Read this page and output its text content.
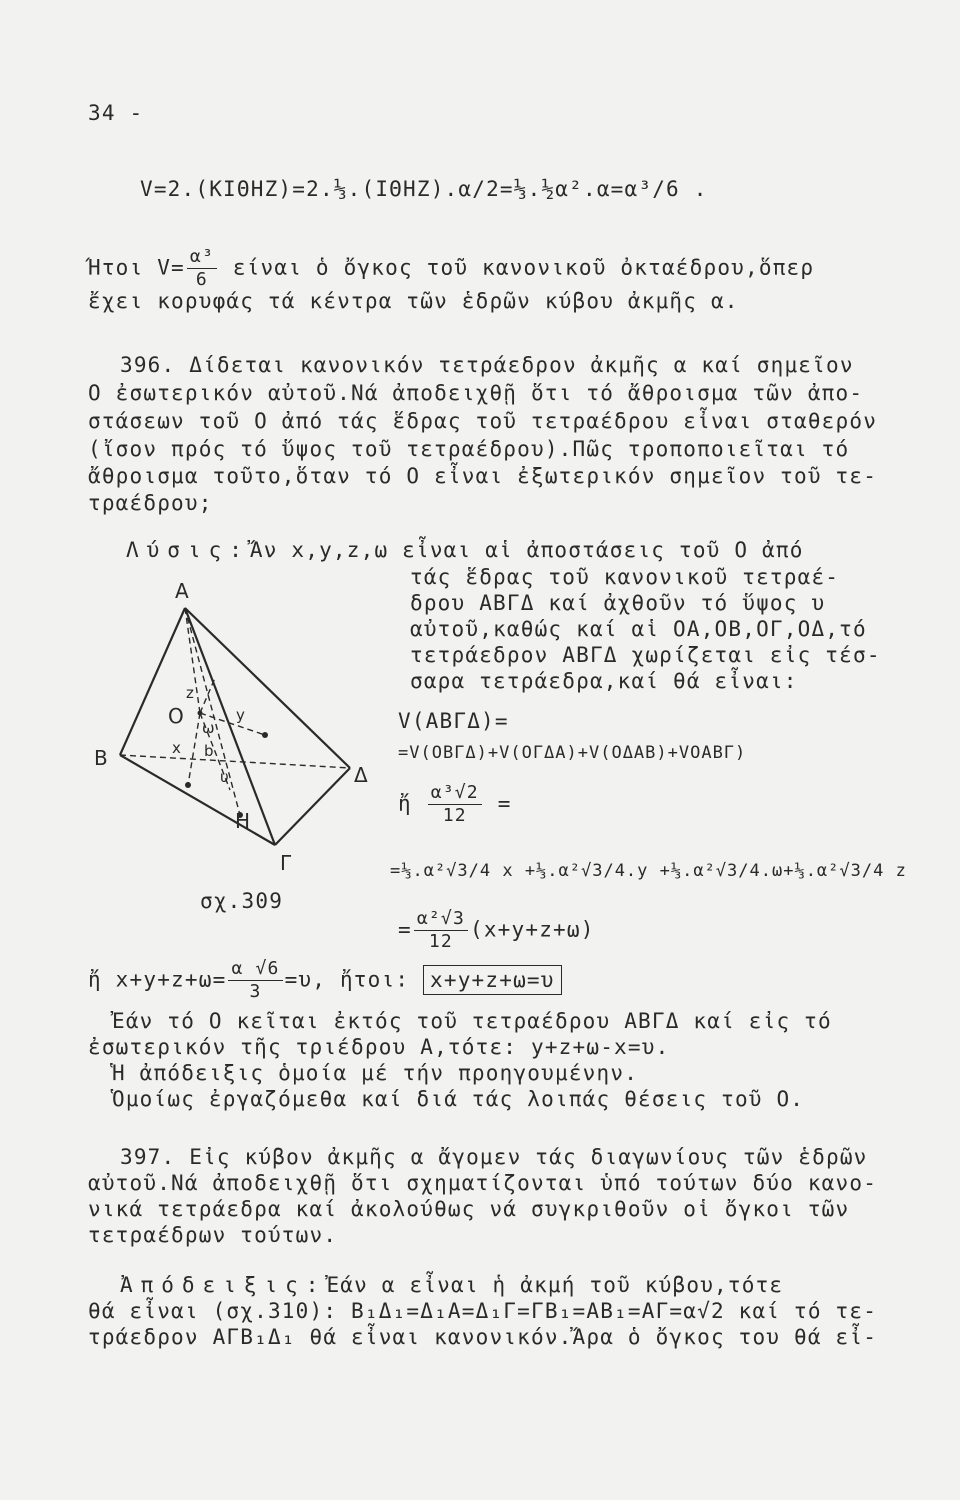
34 -
V=2.(ΚΙΘΗΖ)=2.⅓.(ΙΘΗΖ).α/2=⅓.½α².α=α³/6 .
Ήτοι $V= \frac{\text{α³}}{6}$ είναι ὁ ὄγκος τοῦ κανονικοῦ ὀκταέδρου,ὅπερ
ἔχει κορυφάς τά κέντρα τῶν ἑδρῶν κύβου ἀκμῆς α.
396. Δίδεται κανονικόν τετράεδρον ἀκμῆς α καί σημεῖον
Ο ἐσωτερικόν αὐτοῦ.Νά ἀποδειχθῇ ὅτι τό ἄθροισμα τῶν ἀπο-
στάσεων τοῦ Ο ἀπό τάς ἕδρας τοῦ τετραέδρου εἶναι σταθερόν
(ἴσον πρός τό ὕψος τοῦ τετραέδρου).Πῶς τροποποιεῖται τό
ἄθροισμα τοῦτο,ὅταν τό Ο εἶναι ἐξωτερικόν σημεῖον τοῦ τε-
τραέδρου;
Λύσις:Ἄν x,y,z,ω εἶναι αἱ ἀποστάσεις τοῦ Ο ἀπό
τάς ἕδρας τοῦ κανονικοῦ τετραέ-
δρου ΑΒΓΔ καί ἀχθοῦν τό ὕψος υ
αὐτοῦ,καθώς καί αἱ ΟΑ,ΟΒ,ΟΓ,ΟΔ,τό
τετράεδρον ΑΒΓΔ χωρίζεται εἰς τέσ-
σαρα τετράεδρα,καί θά εἶναι:
V(ΑΒΓΔ)=
=V(ΟΒΓΔ)+V(ΟΓΔΑ)+V(ΟΔΑΒ)+VΟΑΒΓ)
ἤ $\frac{\text{α³√2}}{12}$ =
=⅓.α²√3/4 x +⅓.α²√3/4.y +⅓.α²√3/4.ω+⅓.α²√3/4 z
= $\frac{\text{α²√3}}{12} (x+y+z+\omega)$
ἤ $x+y+z+\omega= \frac{\alpha √6}{3} =\upsilon$, ἤτοι: x+y+z+ω=υ
Ἐάν τό Ο κεῖται ἐκτός τοῦ τετραέδρου ΑΒΓΔ καί εἰς τό
ἐσωτερικόν τῆς τριέδρου Α,τότε: y+z+ω-x=υ.
Ἡ ἀπόδειξις ὁμοία μέ τήν προηγουμένην.
Ὁμοίως ἐργαζόμεθα καί διά τάς λοιπάς θέσεις τοῦ Ο.
397. Εἰς κύβον ἀκμῆς α ἄγομεν τάς διαγωνίους τῶν ἑδρῶν
αὐτοῦ.Νά ἀποδειχθῇ ὅτι σχηματίζονται ὑπό τούτων δύο κανο-
νικά τετράεδρα καί ἀκολούθως νά συγκριθοῦν οἱ ὄγκοι τῶν
τετραέδρων τούτων.
Ἀπόδειξις:Ἐάν α εἶναι ἡ ἀκμή τοῦ κύβου,τότε
θά εἶναι (σχ.310): Β₁Δ₁=Δ₁Α=Δ₁Γ=ΓΒ₁=ΑΒ₁=ΑΓ=α√2 καί τό τε-
τράεδρον ΑΓΒ₁Δ₁ θά εἶναι κανονικόν.Ἄρα ὁ ὄγκος του θά εἶ-
Α
Β
Γ
Δ
Ο
Η
z
y
x
ω
υ
b
σχ.309
